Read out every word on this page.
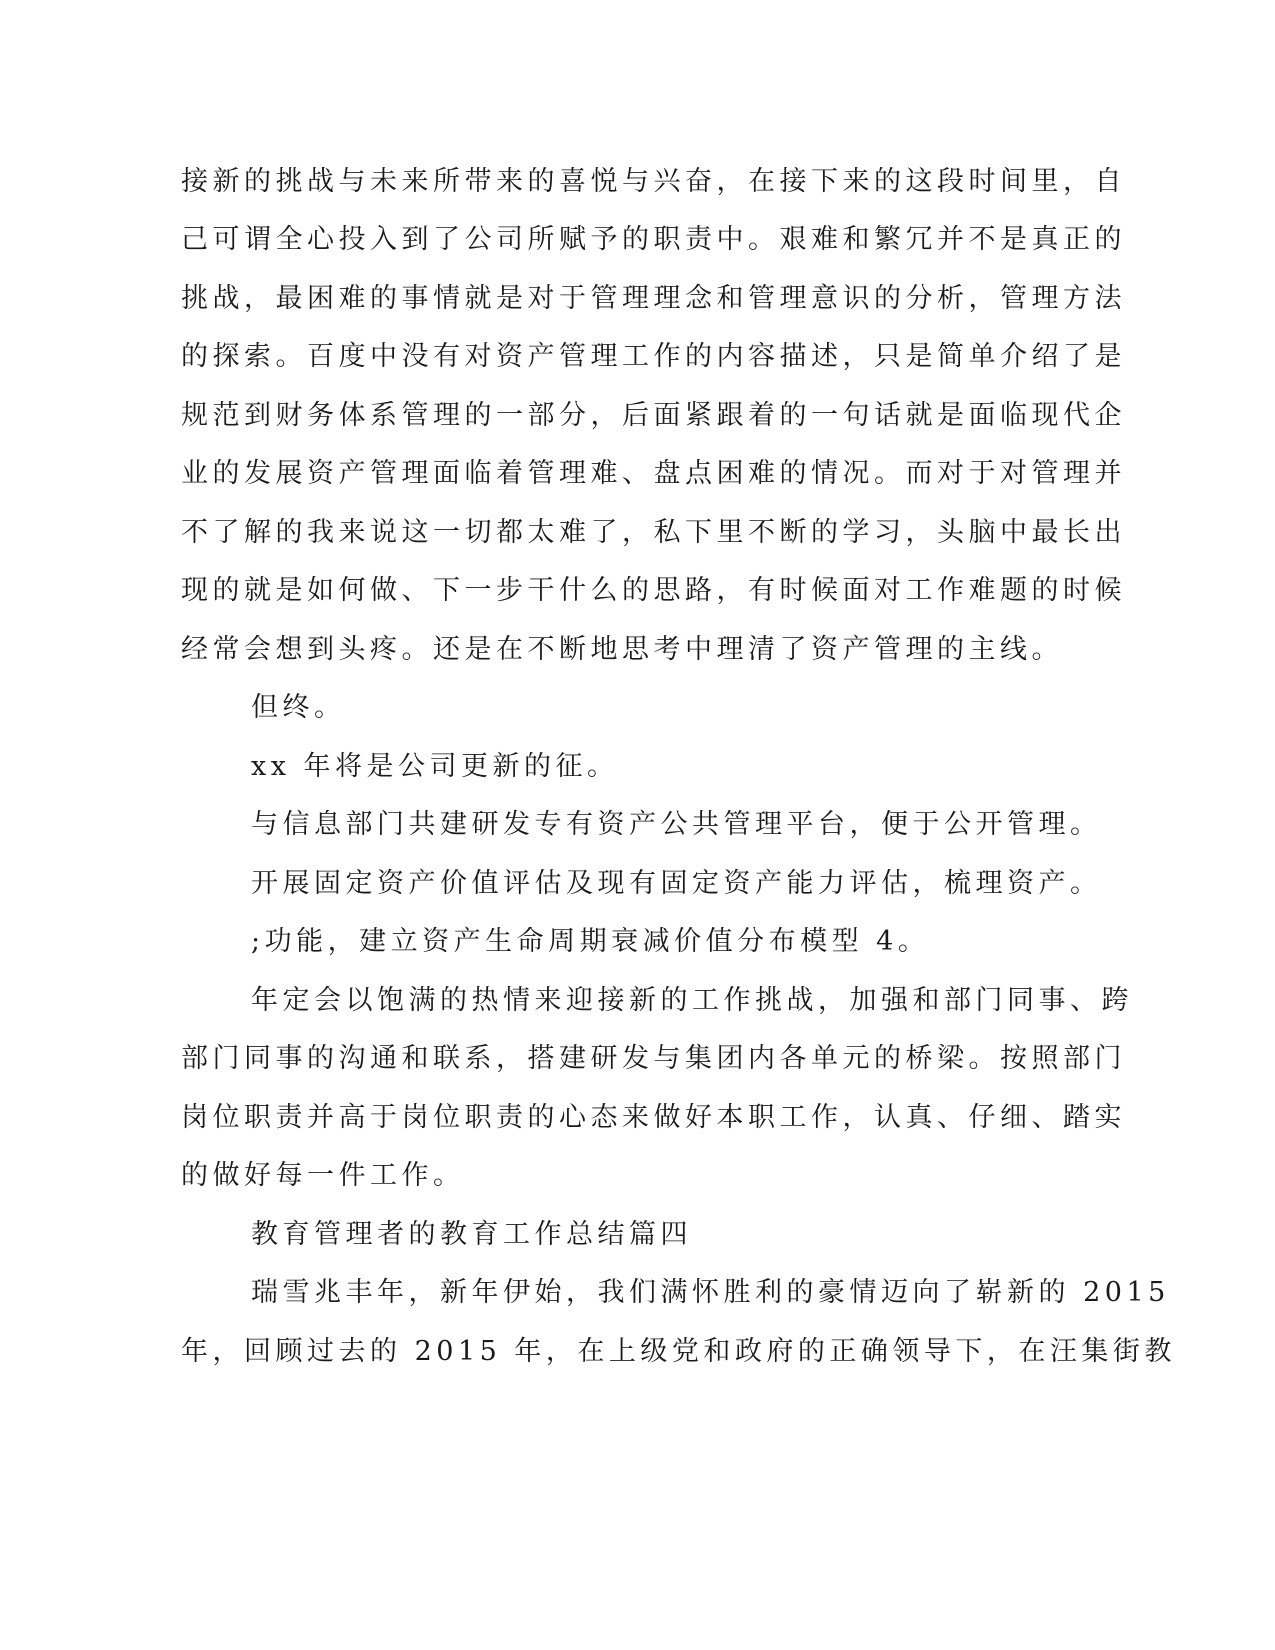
接新的挑战与未来所带来的喜悦与兴奋，在接下来的这段时间里，自
己可谓全心投入到了公司所赋予的职责中。艰难和繁冗并不是真正的
挑战，最困难的事情就是对于管理理念和管理意识的分析，管理方法
的探索。百度中没有对资产管理工作的内容描述，只是简单介绍了是
规范到财务体系管理的一部分，后面紧跟着的一句话就是面临现代企
业的发展资产管理面临着管理难、盘点困难的情况。而对于对管理并
不了解的我来说这一切都太难了，私下里不断的学习，头脑中最长出
现的就是如何做、下一步干什么的思路，有时候面对工作难题的时候
经常会想到头疼。还是在不断地思考中理清了资产管理的主线。
但终。
xx 年将是公司更新的征。
与信息部门共建研发专有资产公共管理平台，便于公开管理。
开展固定资产价值评估及现有固定资产能力评估，梳理资产。
;功能，建立资产生命周期衰减价值分布模型 4。
年定会以饱满的热情来迎接新的工作挑战，加强和部门同事、跨
部门同事的沟通和联系，搭建研发与集团内各单元的桥梁。按照部门
岗位职责并高于岗位职责的心态来做好本职工作，认真、仔细、踏实
的做好每一件工作。
教育管理者的教育工作总结篇四
瑞雪兆丰年，新年伊始，我们满怀胜利的豪情迈向了崭新的 2015
年，回顾过去的 2015 年，在上级党和政府的正确领导下，在汪集街教
